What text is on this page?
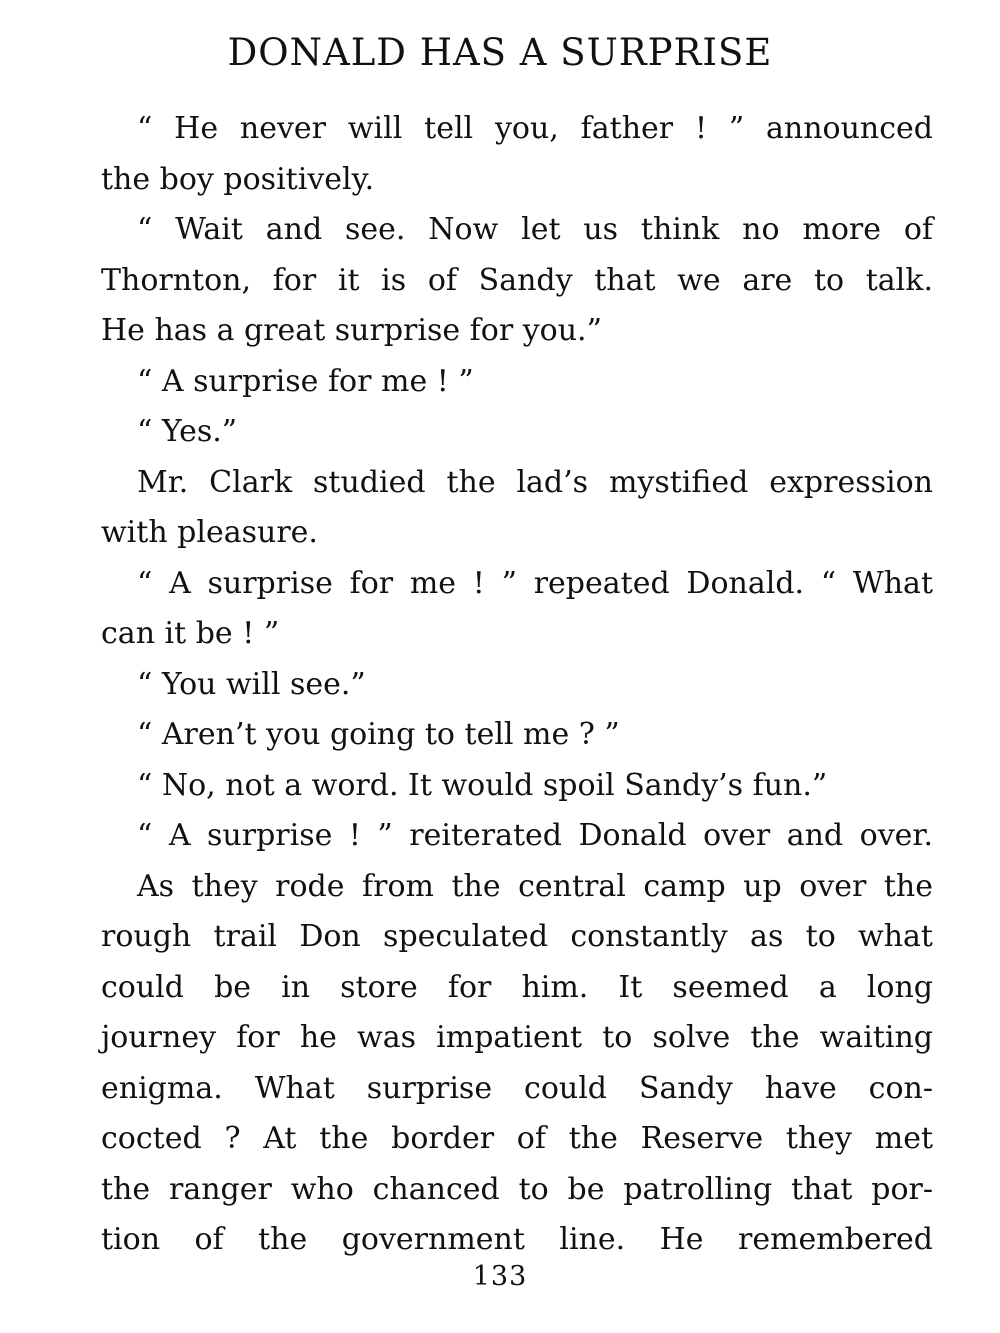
DONALD HAS A SURPRISE
“ He never will tell you, father ! ” announced
the boy positively.
“ Wait and see. Now let us think no more of
Thornton, for it is of Sandy that we are to talk.
He has a great surprise for you.”
“ A surprise for me ! ”
“ Yes.”
Mr. Clark studied the lad’s mystified expression
with pleasure.
“ A surprise for me ! ” repeated Donald. “ What
can it be ! ”
“ You will see.”
“ Aren’t you going to tell me ? ”
“ No, not a word. It would spoil Sandy’s fun.”
“ A surprise ! ” reiterated Donald over and over.
As they rode from the central camp up over the
rough trail Don speculated constantly as to what
could be in store for him. It seemed a long
journey for he was impatient to solve the waiting
enigma. What surprise could Sandy have con-
cocted ? At the border of the Reserve they met
the ranger who chanced to be patrolling that por-
tion of the government line. He remembered
133
